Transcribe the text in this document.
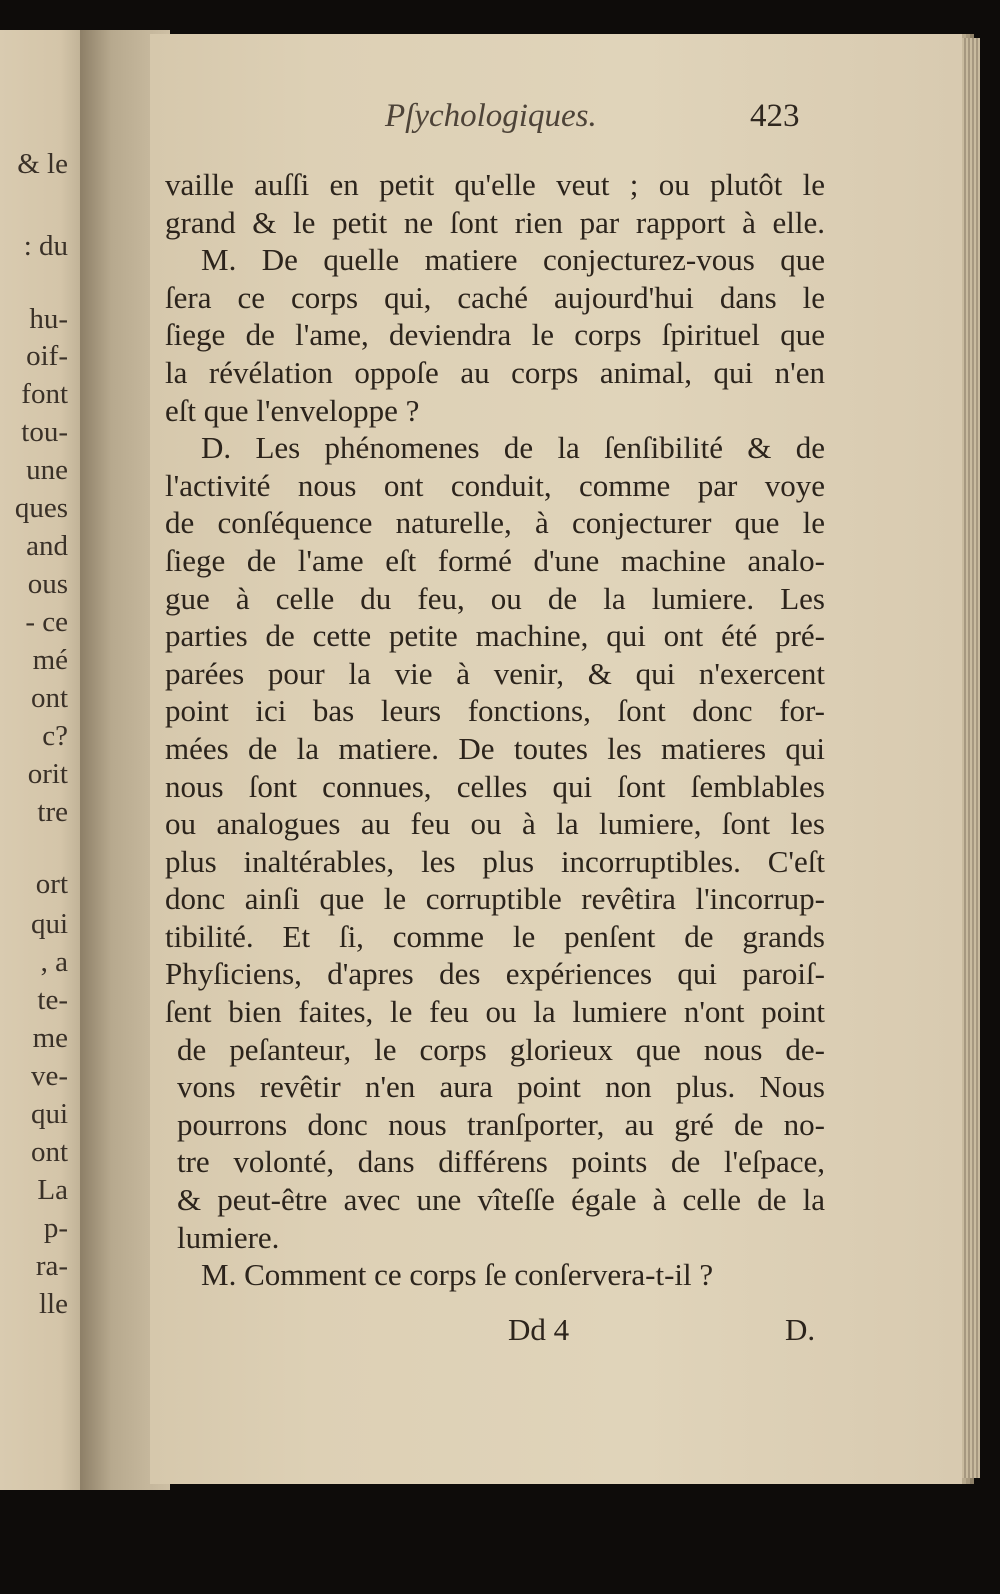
& le
: du
hu-
oif-
font
tou-
une
ques
and
ous
- ce
mé
ont
c?
orit
tre
ort
qui
, a
te-
me
ve-
qui
ont
La
p-
ra-
lle
Pſychologiques.	423
vaille auſſi en petit qu'elle veut ; ou plutôt le
grand & le petit ne ſont rien par rapport à elle.
M. De quelle matiere conjecturez-vous que
ſera ce corps qui, caché aujourd'hui dans le
ſiege de l'ame, deviendra le corps ſpirituel que
la révélation oppoſe au corps animal, qui n'en
eſt que l'enveloppe ?
D. Les phénomenes de la ſenſibilité & de
l'activité nous ont conduit, comme par voye
de conſéquence naturelle, à conjecturer que le
ſiege de l'ame eſt formé d'une machine analo-
gue à celle du feu, ou de la lumiere. Les
parties de cette petite machine, qui ont été pré-
parées pour la vie à venir, & qui n'exercent
point ici bas leurs fonctions, ſont donc for-
mées de la matiere. De toutes les matieres qui
nous ſont connues, celles qui ſont ſemblables
ou analogues au feu ou à la lumiere, ſont les
plus inaltérables, les plus incorruptibles. C'eſt
donc ainſi que le corruptible revêtira l'incorrup-
tibilité. Et ſi, comme le penſent de grands
Phyſiciens, d'apres des expériences qui paroiſ-
ſent bien faites, le feu ou la lumiere n'ont point
de peſanteur, le corps glorieux que nous de-
vons revêtir n'en aura point non plus. Nous
pourrons donc nous tranſporter, au gré de no-
tre volonté, dans différens points de l'eſpace,
& peut-être avec une vîteſſe égale à celle de la
lumiere.
M. Comment ce corps ſe conſervera-t-il ?
Dd 4	D.
